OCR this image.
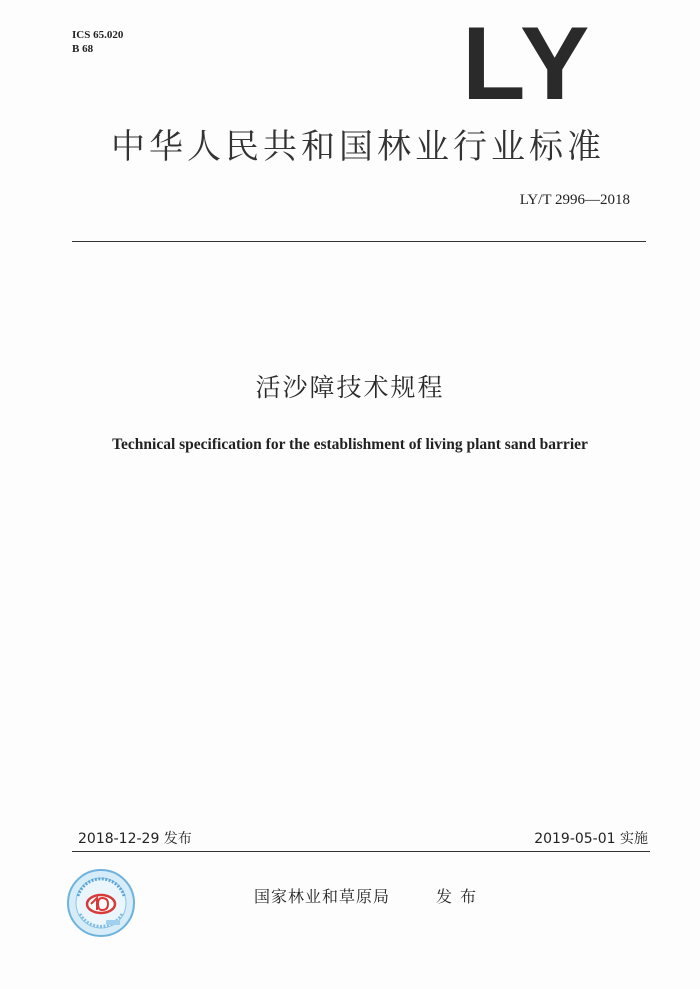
ICS 65.020
B 68	LY
中华人民共和国林业行业标准
LY/T 2996—2018
活沙障技术规程
Technical specification for the establishment of living plant sand barrier
2018-12-29 发布	2019-05-01 实施
国家林业和草原局	发布
